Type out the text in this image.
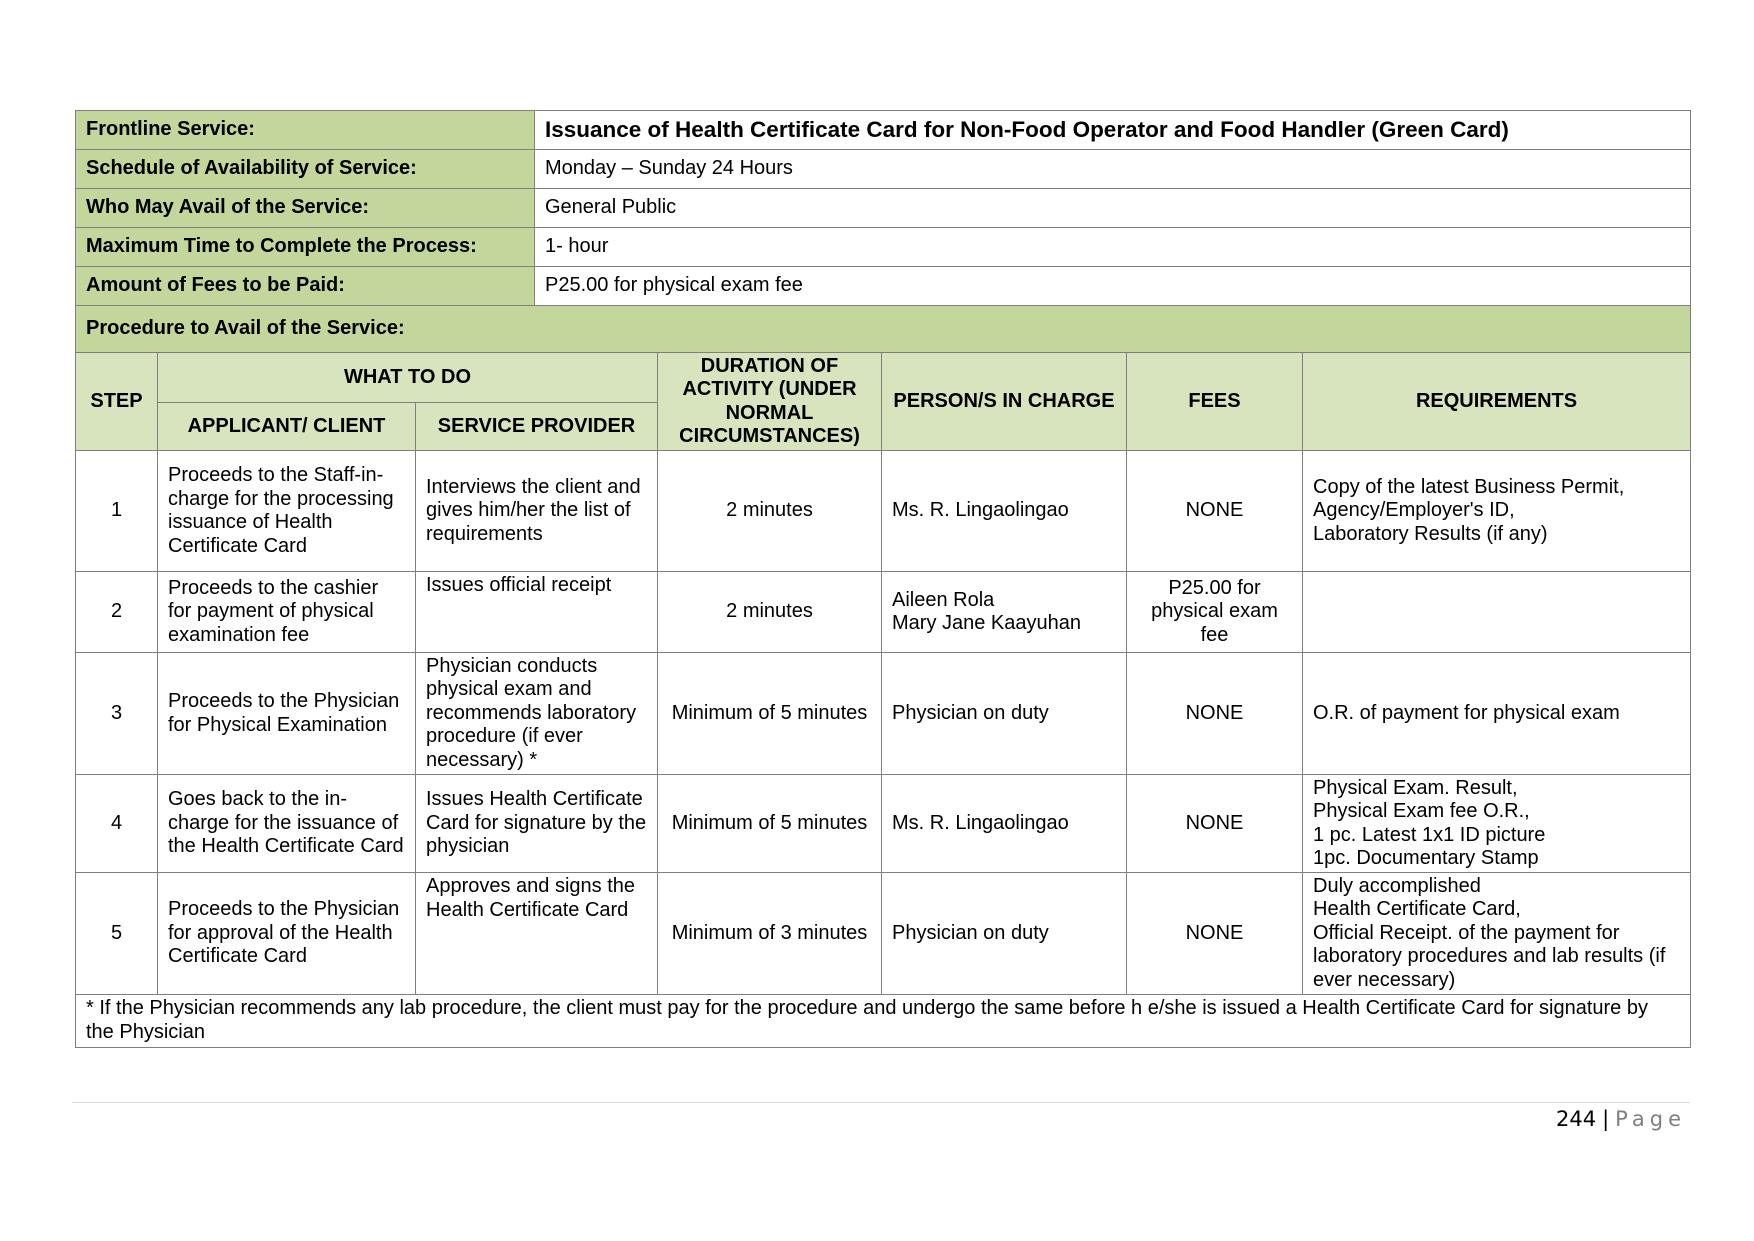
Frontline Service:			Issuance of Health Certificate Card for Non-Food Operator and Food Handler (Green Card)				
Schedule of Availability of Service:			Monday – Sunday 24 Hours				
Who May Avail of the Service:			General Public				
Maximum Time to Complete the Process:			1- hour				
Amount of Fees to be Paid:			P25.00 for physical exam fee				
Procedure to Avail of the Service:							
STEP	WHAT TO DO			DURATION OF ACTIVITY (UNDER NORMAL CIRCUMSTANCES)	PERSON/S IN CHARGE	FEES	REQUIREMENTS
	APPLICANT/ CLIENT	SERVICE PROVIDER					
1	Proceeds to the Staff-in-charge for the processing issuance of Health Certificate Card	Interviews the client and gives him/her the list of requirements		2 minutes	Ms. R. Lingaolingao	NONE	Copy of the latest Business Permit,
Agency/Employer's ID,
Laboratory Results (if any)
2	Proceeds to the cashier for payment of physical examination fee	Issues official receipt		2 minutes	Aileen Rola
Mary Jane Kaayuhan	P25.00 for physical exam fee	
3	Proceeds to the Physician for Physical Examination	Physician conducts physical exam and recommends laboratory procedure (if ever necessary) *		Minimum of 5 minutes	Physician on duty	NONE	O.R. of payment for physical exam
4	Goes back to the in-charge for the issuance of the Health Certificate Card	Issues Health Certificate Card for signature by the physician		Minimum of 5 minutes	Ms. R. Lingaolingao	NONE	Physical Exam. Result,
Physical Exam fee O.R.,
1 pc. Latest 1x1 ID picture
1pc. Documentary Stamp
5	Proceeds to the Physician for approval of the Health Certificate Card	Approves and signs the Health Certificate Card		Minimum of 3 minutes	Physician on duty	NONE	Duly accomplished
Health Certificate Card,
Official Receipt. of the payment for laboratory procedures and lab results (if ever necessary)
* If the Physician recommends any lab procedure, the client must pay for the procedure and undergo the same before h e/she is issued a Health Certificate Card for signature by the Physician							
244 | Page
